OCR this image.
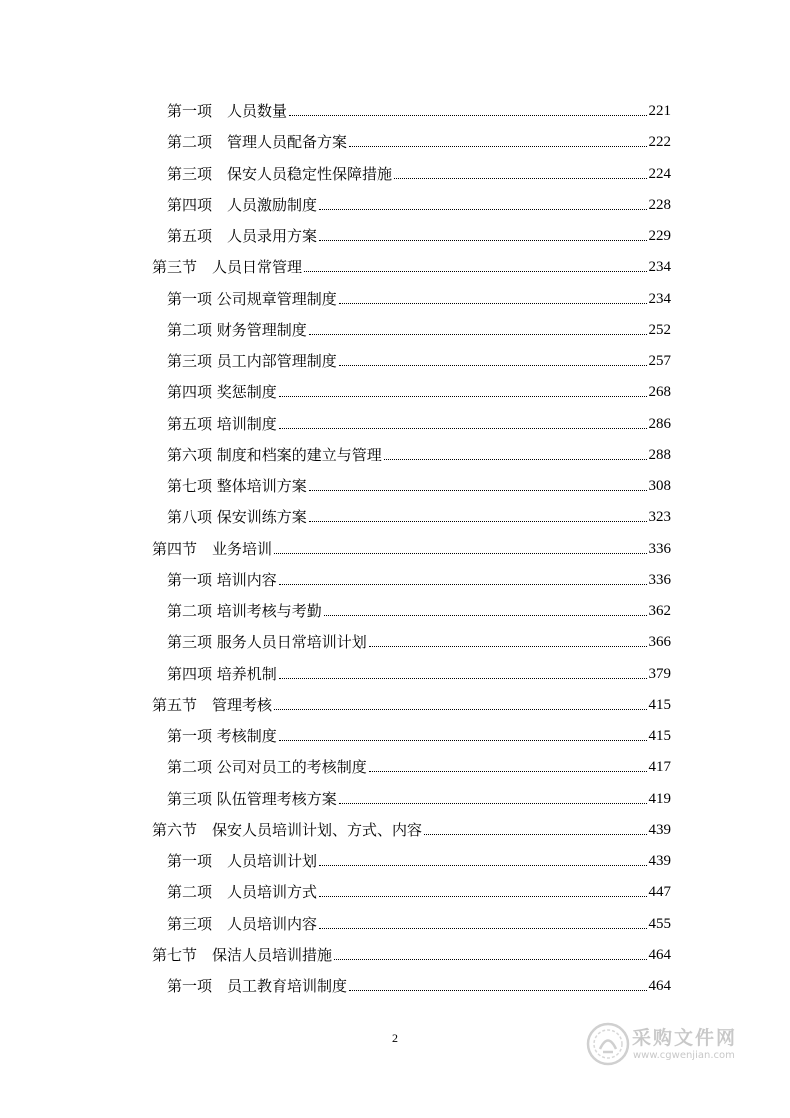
第一项　人员数量	221
第二项　管理人员配备方案	222
第三项　保安人员稳定性保障措施	224
第四项　人员激励制度	228
第五项　人员录用方案	229
第三节　人员日常管理	234
第一项 公司规章管理制度	234
第二项 财务管理制度	252
第三项 员工内部管理制度	257
第四项 奖惩制度	268
第五项 培训制度	286
第六项 制度和档案的建立与管理	288
第七项 整体培训方案	308
第八项 保安训练方案	323
第四节　业务培训	336
第一项 培训内容	336
第二项 培训考核与考勤	362
第三项 服务人员日常培训计划	366
第四项 培养机制	379
第五节　管理考核	415
第一项 考核制度	415
第二项 公司对员工的考核制度	417
第三项 队伍管理考核方案	419
第六节　保安人员培训计划、方式、内容	439
第一项　人员培训计划	439
第二项　人员培训方式	447
第三项　人员培训内容	455
第七节　保洁人员培训措施	464
第一项　员工教育培训制度	464
2	采购文件网
www.cgwenjian.com
